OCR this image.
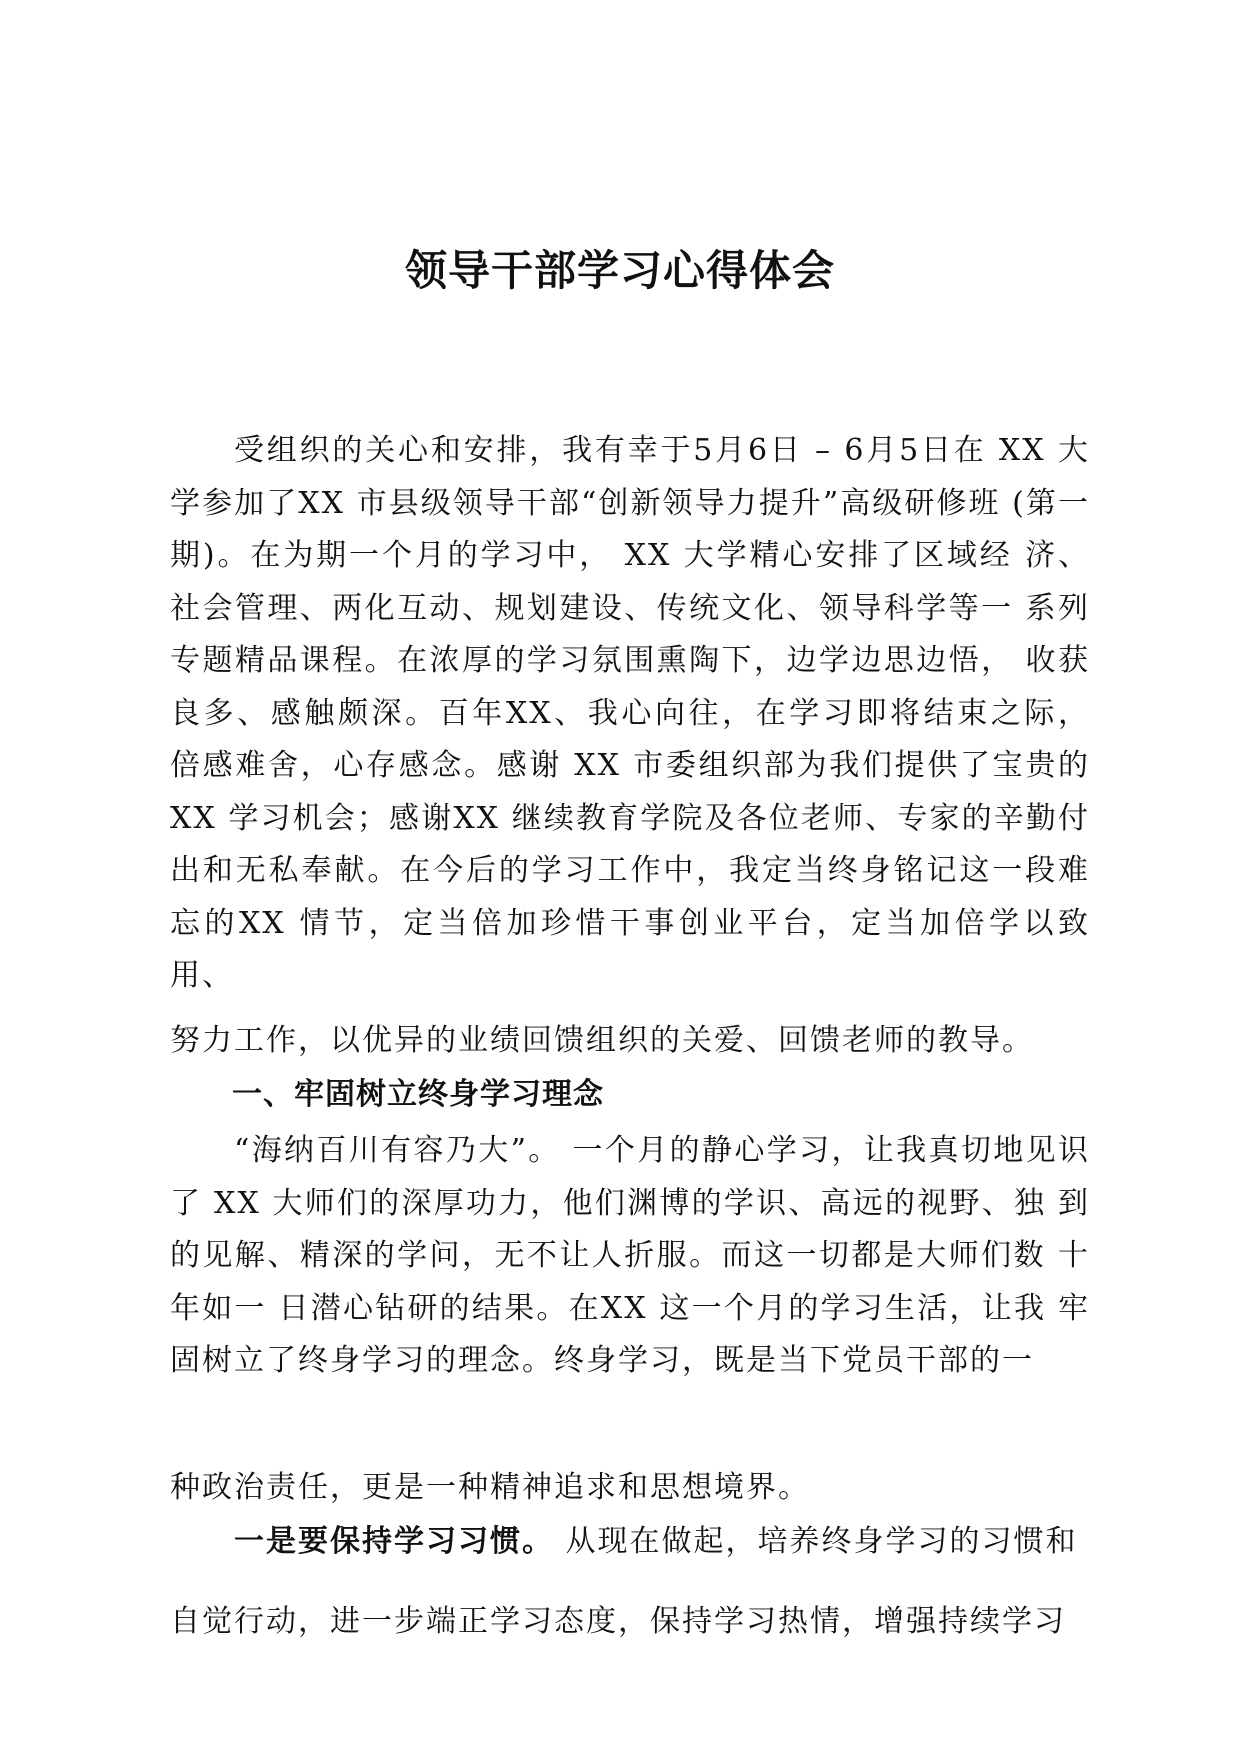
领导干部学习心得体会

受组织的关心和安排，我有幸于5月6日 – 6月5日在 XX 大学参加了XX 市县级领导干部“创新领导力提升”高级研修班 (第一期)。在为期一个月的学习中， XX 大学精心安排了区域经 济、社会管理、两化互动、规划建设、传统文化、领导科学等一 系列专题精品课程。在浓厚的学习氛围熏陶下，边学边思边悟， 收获良多、感触颇深。百年XX、我心向往，在学习即将结束之际， 倍感难舍，心存感念。感谢 XX 市委组织部为我们提供了宝贵的 XX 学习机会；感谢XX 继续教育学院及各位老师、专家的辛勤付 出和无私奉献。在今后的学习工作中，我定当终身铭记这一段难 忘的XX 情节，定当倍加珍惜干事创业平台，定当加倍学以致用、

努力工作，以优异的业绩回馈组织的关爱、回馈老师的教导。

一、牢固树立终身学习理念

“海纳百川有容乃大”。 一个月的静心学习，让我真切地见识了 XX 大师们的深厚功力，他们渊博的学识、高远的视野、独 到的见解、精深的学问，无不让人折服。而这一切都是大师们数 十年如一 日潜心钻研的结果。在XX 这一个月的学习生活，让我 牢固树立了终身学习的理念。终身学习，既是当下党员干部的一

种政治责任，更是一种精神追求和思想境界。

一是要保持学习习惯。 从现在做起，培养终身学习的习惯和

自觉行动，进一步端正学习态度，保持学习热情，增强持续学习
